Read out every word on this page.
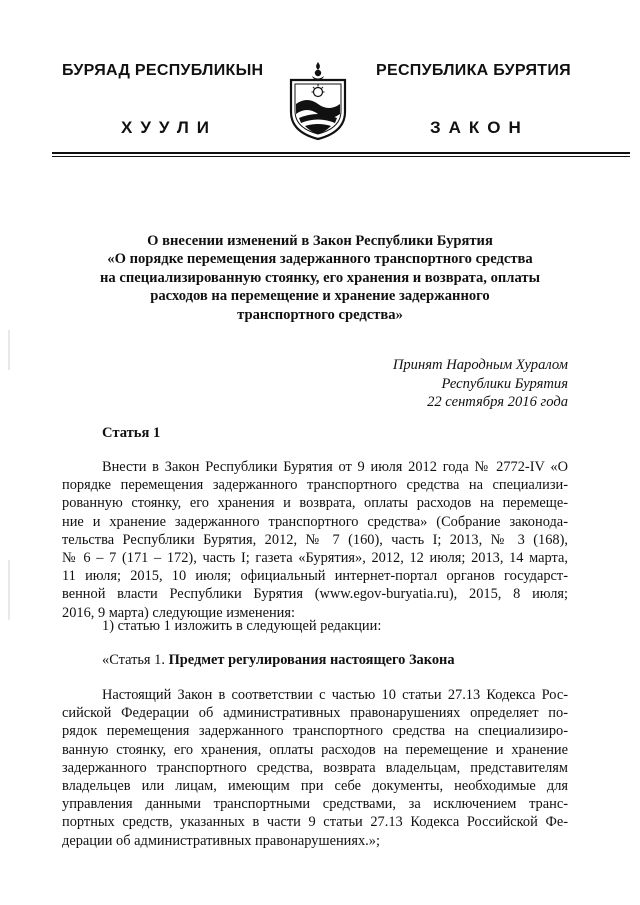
БУРЯАД РЕСПУБЛИКЫН	РЕСПУБЛИКА БУРЯТИЯ
ХУУЛИ	ЗАКОН
О внесении изменений в Закон Республики Бурятия
«О порядке перемещения задержанного транспортного средства
на специализированную стоянку, его хранения и возврата, оплаты
расходов на перемещение и хранение задержанного
транспортного средства»
Принят Народным Хуралом
Республики Бурятия
22 сентября 2016 года
Статья 1
Внести в Закон Республики Бурятия от 9 июля 2012 года № 2772-IV «О
порядке перемещения задержанного транспортного средства на специализи-
рованную стоянку, его хранения и возврата, оплаты расходов на перемеще-
ние и хранение задержанного транспортного средства» (Собрание законода-
тельства Республики Бурятия, 2012, № 7 (160), часть I; 2013, № 3 (168),
№ 6 – 7 (171 – 172), часть I; газета «Бурятия», 2012, 12 июля; 2013, 14 марта,
11 июля; 2015, 10 июля; официальный интернет-портал органов государст-
венной власти Республики Бурятия (www.egov-buryatia.ru), 2015, 8 июля;
2016, 9 марта) следующие изменения:
1) статью 1 изложить в следующей редакции:
«Статья 1. Предмет регулирования настоящего Закона
Настоящий Закон в соответствии с частью 10 статьи 27.13 Кодекса Рос-
сийской Федерации об административных правонарушениях определяет по-
рядок перемещения задержанного транспортного средства на специализиро-
ванную стоянку, его хранения, оплаты расходов на перемещение и хранение
задержанного транспортного средства, возврата владельцам, представителям
владельцев или лицам, имеющим при себе документы, необходимые для
управления данными транспортными средствами, за исключением транс-
портных средств, указанных в части 9 статьи 27.13 Кодекса Российской Фе-
дерации об административных правонарушениях.»;
